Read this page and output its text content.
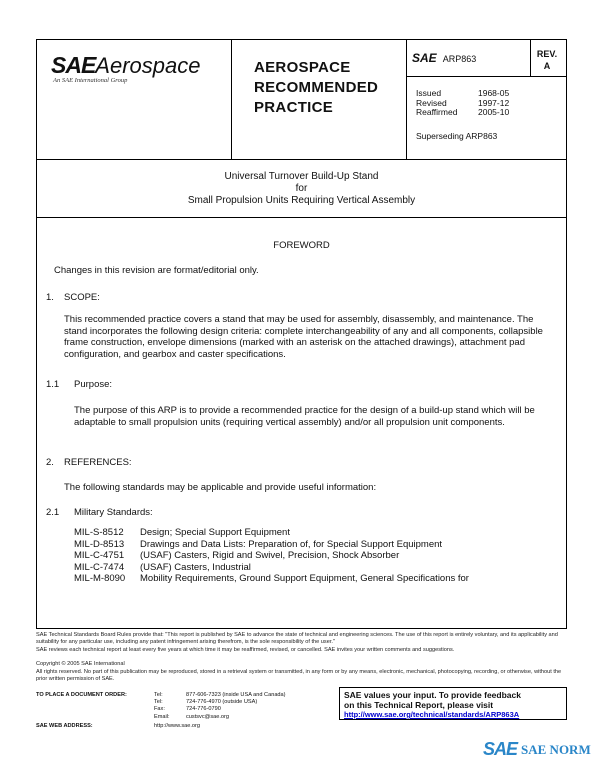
SAEAerospace
An SAE International Group
AEROSPACE
RECOMMENDED
PRACTICE
SAE ARP863	REV.
A
Issued	1968-05
Revised	1997-12
Reaffirmed	2005-10
Superseding ARP863
Universal Turnover Build-Up Stand
for
Small Propulsion Units Requiring Vertical Assembly
FOREWORD
Changes in this revision are format/editorial only.
1. SCOPE:
This recommended practice covers a stand that may be used for assembly, disassembly, and maintenance. The stand incorporates the following design criteria: complete interchangeability of any and all components, collapsible frame construction, envelope dimensions (marked with an asterisk on the attached drawings), attachment pad configuration, and gearbox and caster specifications.
1.1 Purpose:
The purpose of this ARP is to provide a recommended practice for the design of a build-up stand which will be adaptable to small propulsion units (requiring vertical assembly) and/or all propulsion unit components.
2. REFERENCES:
The following standards may be applicable and provide useful information:
2.1 Military Standards:
MIL-S-8512	Design; Special Support Equipment
MIL-D-8513	Drawings and Data Lists: Preparation of, for Special Support Equipment
MIL-C-4751	(USAF) Casters, Rigid and Swivel, Precision, Shock Absorber
MIL-C-7474	(USAF) Casters, Industrial
MIL-M-8090	Mobility Requirements, Ground Support Equipment, General Specifications for
SAE Technical Standards Board Rules provide that: "This report is published by SAE to advance the state of technical and engineering sciences. The use of this report is entirely voluntary, and its applicability and suitability for any particular use, including any patent infringement arising therefrom, is the sole responsibility of the user."
SAE reviews each technical report at least every five years at which time it may be reaffirmed, revised, or cancelled. SAE invites your written comments and suggestions.
Copyright © 2005 SAE International
All rights reserved. No part of this publication may be reproduced, stored in a retrieval system or transmitted, in any form or by any means, electronic, mechanical, photocopying, recording, or otherwise, without the prior written permission of SAE.
TO PLACE A DOCUMENT ORDER:	Tel:	877-606-7323 (inside USA and Canada)
Tel:	724-776-4970 (outside USA)
Fax:	724-776-0790
Email:	custsvc@sae.org
SAE WEB ADDRESS:	http://www.sae.org
SAE values your input. To provide feedback
on this Technical Report, please visit
http://www.sae.org/technical/standards/ARP863A
SAE SAE NORM
